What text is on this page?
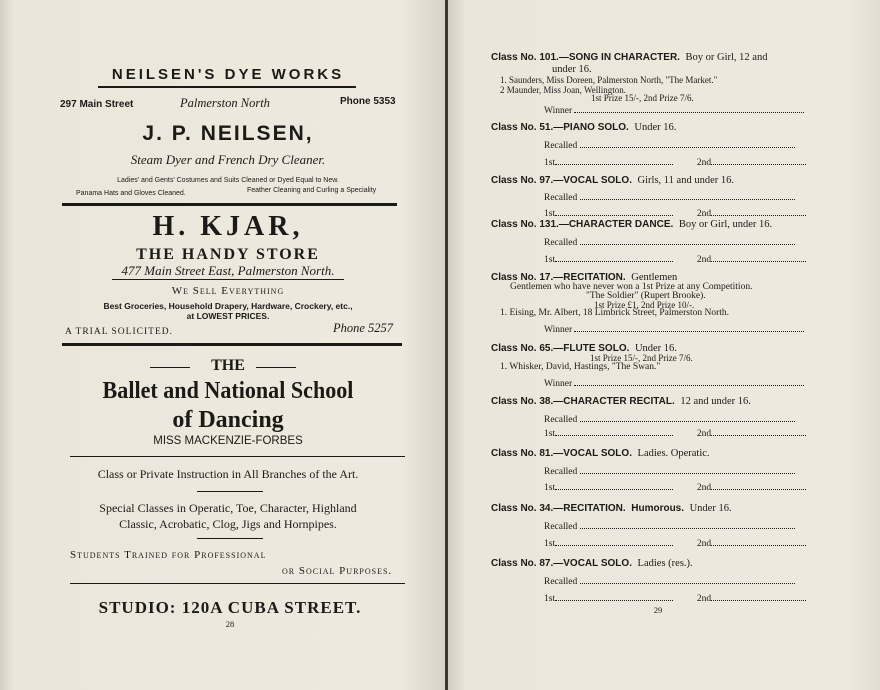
NEILSEN'S DYE WORKS
297 Main Street	Palmerston North	Phone 5353
J. P. NEILSEN,
Steam Dyer and French Dry Cleaner.
Ladies' and Gents' Costumes and Suits Cleaned or Dyed Equal to New.
Panama Hats and Gloves Cleaned.	Feather Cleaning and Curling a Speciality
H. KJAR,
THE HANDY STORE
477 Main Street East, Palmerston North.
We Sell Everything
Best Groceries, Household Drapery, Hardware, Crockery, etc.,
at LOWEST PRICES.
A TRIAL SOLICITED.	Phone 5257
THE
Ballet and National School
of Dancing
MISS MACKENZIE-FORBES
Class or Private Instruction in All Branches of the Art.
Special Classes in Operatic, Toe, Character, Highland
Classic, Acrobatic, Clog, Jigs and Hornpipes.
Students Trained for Professional
or Social Purposes.
STUDIO: 120A CUBA STREET.
28
Class No. 101.—SONG IN CHARACTER. Boy or Girl, 12 and
under 16.
1. Saunders, Miss Doreen, Palmerston North, "The Market."
2 Maunder, Miss Joan, Wellington.
1st Prize 15/-, 2nd Prize 7/6.
Winner
Class No. 51.—PIANO SOLO. Under 16.
Recalled
1st	2nd
Class No. 97.—VOCAL SOLO. Girls, 11 and under 16.
Recalled
1st	2nd
Class No. 131.—CHARACTER DANCE. Boy or Girl, under 16.
Recalled
1st	2nd
Class No. 17.—RECITATION. Gentlemen
Gentlemen who have never won a 1st Prize at any Competition.
"The Soldier" (Rupert Brooke).
1st Prize £1, 2nd Prize 10/-.
1. Eising, Mr. Albert, 18 Limbrick Street, Palmerston North.
Winner
Class No. 65.—FLUTE SOLO. Under 16.
1st Prize 15/-, 2nd Prize 7/6.
1. Whisker, David, Hastings, "The Swan."
Winner
Class No. 38.—CHARACTER RECITAL. 12 and under 16.
Recalled
1st	2nd
Class No. 81.—VOCAL SOLO. Ladies. Operatic.
Recalled
1st	2nd
Class No. 34.—RECITATION. Humorous. Under 16.
Recalled
1st	2nd
Class No. 87.—VOCAL SOLO. Ladies (res.).
Recalled
1st	2nd
29
